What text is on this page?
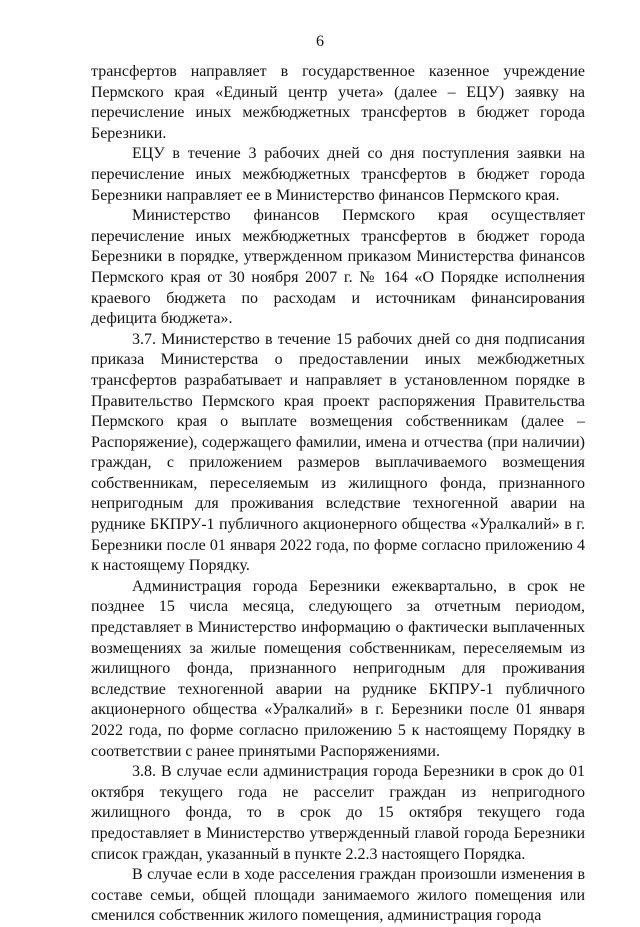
6

трансфертов направляет в государственное казенное учреждение Пермского края «Единый центр учета» (далее – ЕЦУ) заявку на перечисление иных межбюджетных трансфертов в бюджет города Березники.

ЕЦУ в течение 3 рабочих дней со дня поступления заявки на перечисление иных межбюджетных трансфертов в бюджет города Березники направляет ее в Министерство финансов Пермского края.

Министерство финансов Пермского края осуществляет перечисление иных межбюджетных трансфертов в бюджет города Березники в порядке, утвержденном приказом Министерства финансов Пермского края от 30 ноября 2007 г. № 164 «О Порядке исполнения краевого бюджета по расходам и источникам финансирования дефицита бюджета».

3.7. Министерство в течение 15 рабочих дней со дня подписания приказа Министерства о предоставлении иных межбюджетных трансфертов разрабатывает и направляет в установленном порядке в Правительство Пермского края проект распоряжения Правительства Пермского края о выплате возмещения собственникам (далее – Распоряжение), содержащего фамилии, имена и отчества (при наличии) граждан, с приложением размеров выплачиваемого возмещения собственникам, переселяемым из жилищного фонда, признанного непригодным для проживания вследствие техногенной аварии на руднике БКПРУ-1 публичного акционерного общества «Уралкалий» в г. Березники после 01 января 2022 года, по форме согласно приложению 4 к настоящему Порядку.

Администрация города Березники ежеквартально, в срок не позднее 15 числа месяца, следующего за отчетным периодом, представляет в Министерство информацию о фактически выплаченных возмещениях за жилые помещения собственникам, переселяемым из жилищного фонда, признанного непригодным для проживания вследствие техногенной аварии на руднике БКПРУ-1 публичного акционерного общества «Уралкалий» в г. Березники после 01 января 2022 года, по форме согласно приложению 5 к настоящему Порядку в соответствии с ранее принятыми Распоряжениями.

3.8. В случае если администрация города Березники в срок до 01 октября текущего года не расселит граждан из непригодного жилищного фонда, то в срок до 15 октября текущего года предоставляет в Министерство утвержденный главой города Березники список граждан, указанный в пункте 2.2.3 настоящего Порядка.

В случае если в ходе расселения граждан произошли изменения в составе семьи, общей площади занимаемого жилого помещения или сменился собственник жилого помещения, администрация города
